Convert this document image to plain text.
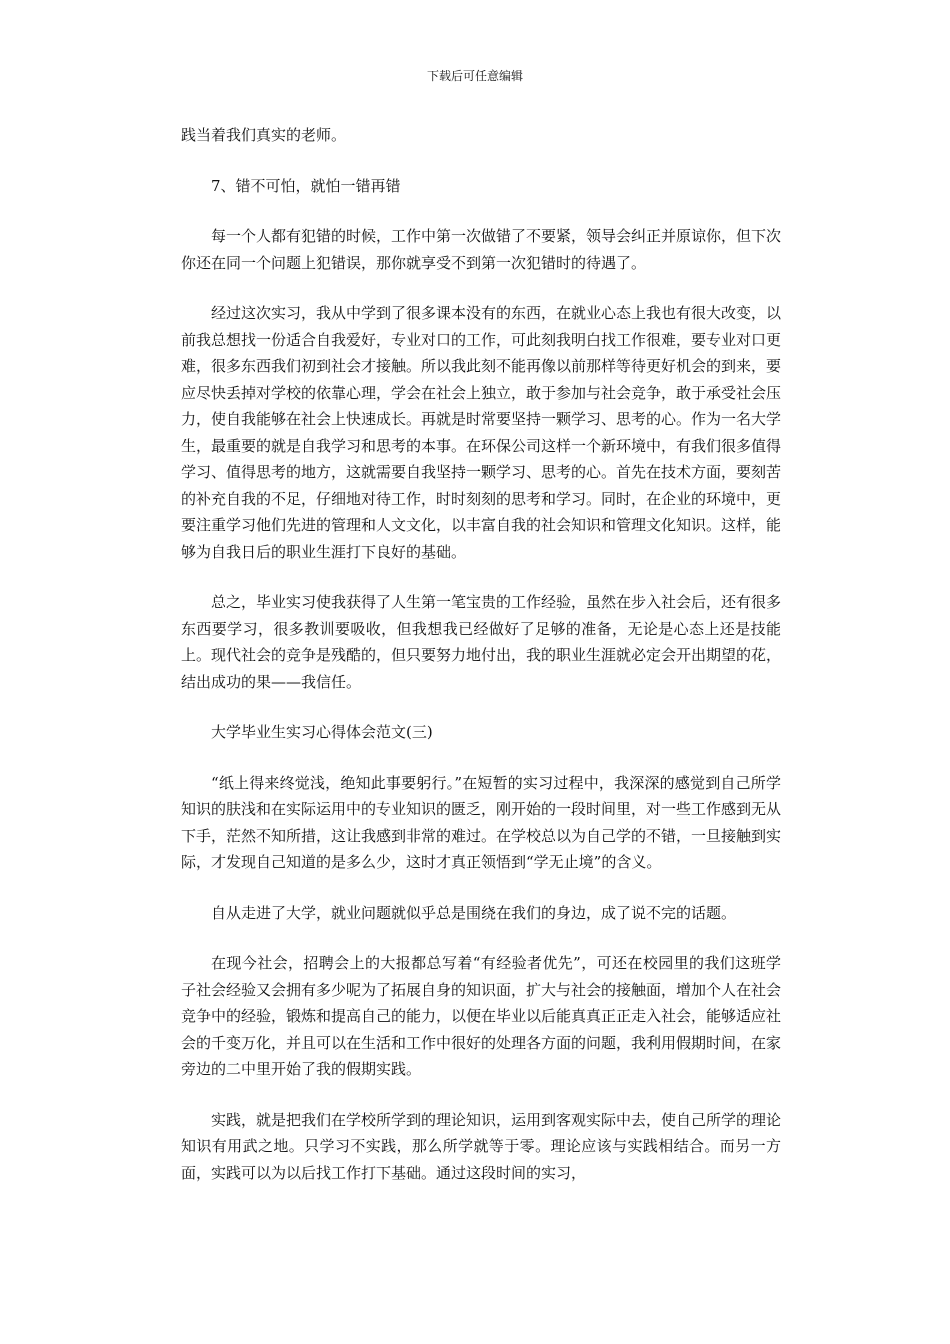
下载后可任意编辑

践当着我们真实的老师。

7、错不可怕，就怕一错再错

每一个人都有犯错的时候，工作中第一次做错了不要紧，领导会纠正并原谅你，但下次你还在同一个问题上犯错误，那你就享受不到第一次犯错时的待遇了。

经过这次实习，我从中学到了很多课本没有的东西，在就业心态上我也有很大改变，以前我总想找一份适合自我爱好，专业对口的工作，可此刻我明白找工作很难，要专业对口更难，很多东西我们初到社会才接触。所以我此刻不能再像以前那样等待更好机会的到来，要应尽快丢掉对学校的依靠心理，学会在社会上独立，敢于参加与社会竞争，敢于承受社会压力，使自我能够在社会上快速成长。再就是时常要坚持一颗学习、思考的心。作为一名大学生，最重要的就是自我学习和思考的本事。在环保公司这样一个新环境中，有我们很多值得学习、值得思考的地方，这就需要自我坚持一颗学习、思考的心。首先在技术方面，要刻苦的补充自我的不足，仔细地对待工作，时时刻刻的思考和学习。同时，在企业的环境中，更要注重学习他们先进的管理和人文文化，以丰富自我的社会知识和管理文化知识。这样，能够为自我日后的职业生涯打下良好的基础。

总之，毕业实习使我获得了人生第一笔宝贵的工作经验，虽然在步入社会后，还有很多东西要学习，很多教训要吸收，但我想我已经做好了足够的准备，无论是心态上还是技能上。现代社会的竞争是残酷的，但只要努力地付出，我的职业生涯就必定会开出期望的花，结出成功的果——我信任。

大学毕业生实习心得体会范文(三)

“纸上得来终觉浅，绝知此事要躬行。”在短暂的实习过程中，我深深的感觉到自己所学知识的肤浅和在实际运用中的专业知识的匮乏，刚开始的一段时间里，对一些工作感到无从下手，茫然不知所措，这让我感到非常的难过。在学校总以为自己学的不错，一旦接触到实际，才发现自己知道的是多么少，这时才真正领悟到“学无止境”的含义。

自从走进了大学，就业问题就似乎总是围绕在我们的身边，成了说不完的话题。

在现今社会，招聘会上的大报都总写着“有经验者优先”，可还在校园里的我们这班学子社会经验又会拥有多少呢为了拓展自身的知识面，扩大与社会的接触面，增加个人在社会竞争中的经验，锻炼和提高自己的能力，以便在毕业以后能真真正正走入社会，能够适应社会的千变万化，并且可以在生活和工作中很好的处理各方面的问题，我利用假期时间，在家旁边的二中里开始了我的假期实践。

实践，就是把我们在学校所学到的理论知识，运用到客观实际中去，使自己所学的理论知识有用武之地。只学习不实践，那么所学就等于零。理论应该与实践相结合。而另一方面，实践可以为以后找工作打下基础。通过这段时间的实习，
